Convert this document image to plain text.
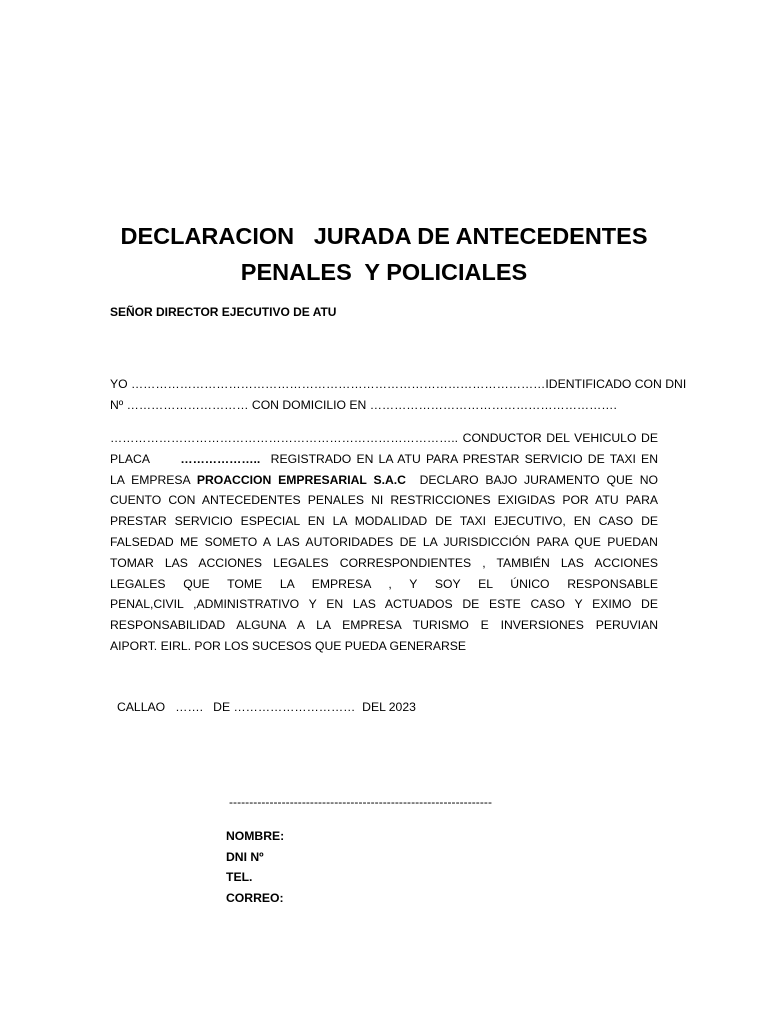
DECLARACION   JURADA DE ANTECEDENTES
PENALES  Y POLICIALES
SEÑOR DIRECTOR EJECUTIVO DE ATU
YO ………………………………………………………………………………………… IDENTIFICADO CON DNI
Nº ………………………… CON DOMICILIO EN …………………………………………………….
………………………………………………………………………….. CONDUCTOR DEL VEHICULO DE
PLACA      ………………..  REGISTRADO EN LA ATU PARA PRESTAR SERVICIO DE TAXI EN
LA EMPRESA PROACCION EMPRESARIAL S.A.C  DECLARO BAJO JURAMENTO QUE NO
CUENTO CON ANTECEDENTES PENALES NI RESTRICCIONES EXIGIDAS POR ATU PARA
PRESTAR SERVICIO ESPECIAL EN LA MODALIDAD DE TAXI EJECUTIVO, EN CASO DE
FALSEDAD ME SOMETO A LAS AUTORIDADES DE LA JURISDICCIÓN PARA QUE PUEDAN
TOMAR LAS ACCIONES LEGALES CORRESPONDIENTES , TAMBIÉN LAS ACCIONES
LEGALES QUE TOME LA EMPRESA , Y SOY EL ÚNICO RESPONSABLE
PENAL,CIVIL ,ADMINISTRATIVO Y EN LAS ACTUADOS DE ESTE CASO Y EXIMO DE
RESPONSABILIDAD ALGUNA A LA EMPRESA TURISMO E INVERSIONES PERUVIAN
AIPORT. EIRL. POR LOS SUCESOS QUE PUEDA GENERARSE
CALLAO   …….   DE …………………………  DEL 2023
-----------------------------------------------------------------
NOMBRE:
DNI Nº
TEL.
CORREO:
